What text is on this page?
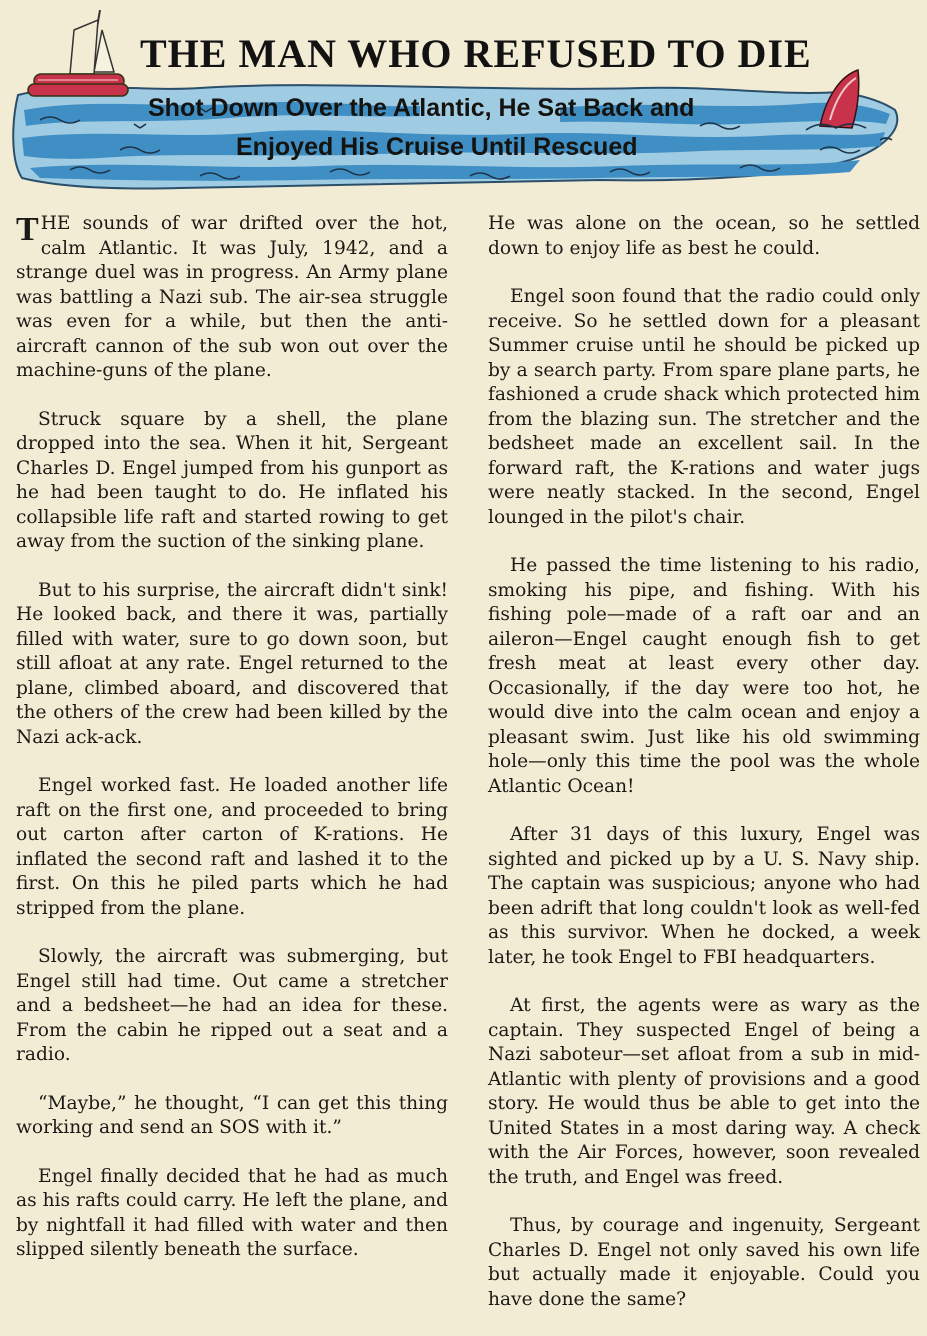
THE MAN WHO REFUSED TO DIE
Shot Down Over the Atlantic, He Sat Back and
Enjoyed His Cruise Until Rescued

THE sounds of war drifted over the hot, calm Atlantic. It was July, 1942, and a strange duel was in progress. An Army plane was battling a Nazi sub. The air-sea struggle was even for a while, but then the anti-aircraft cannon of the sub won out over the machine-guns of the plane.

Struck square by a shell, the plane dropped into the sea. When it hit, Sergeant Charles D. Engel jumped from his gunport as he had been taught to do. He inflated his collapsible life raft and started rowing to get away from the suction of the sinking plane.

But to his surprise, the aircraft didn't sink! He looked back, and there it was, partially filled with water, sure to go down soon, but still afloat at any rate. Engel returned to the plane, climbed aboard, and discovered that the others of the crew had been killed by the Nazi ack-ack.

Engel worked fast. He loaded another life raft on the first one, and proceeded to bring out carton after carton of K-rations. He inflated the second raft and lashed it to the first. On this he piled parts which he had stripped from the plane.

Slowly, the aircraft was submerging, but Engel still had time. Out came a stretcher and a bedsheet—he had an idea for these. From the cabin he ripped out a seat and a radio.

“Maybe,” he thought, “I can get this thing working and send an SOS with it.”

Engel finally decided that he had as much as his rafts could carry. He left the plane, and by nightfall it had filled with water and then slipped silently beneath the surface.

He was alone on the ocean, so he settled down to enjoy life as best he could.

Engel soon found that the radio could only receive. So he settled down for a pleasant Summer cruise until he should be picked up by a search party. From spare plane parts, he fashioned a crude shack which protected him from the blazing sun. The stretcher and the bedsheet made an excellent sail. In the forward raft, the K-rations and water jugs were neatly stacked. In the second, Engel lounged in the pilot's chair.

He passed the time listening to his radio, smoking his pipe, and fishing. With his fishing pole—made of a raft oar and an aileron—Engel caught enough fish to get fresh meat at least every other day. Occasionally, if the day were too hot, he would dive into the calm ocean and enjoy a pleasant swim. Just like his old swimming hole—only this time the pool was the whole Atlantic Ocean!

After 31 days of this luxury, Engel was sighted and picked up by a U. S. Navy ship. The captain was suspicious; anyone who had been adrift that long couldn't look as well-fed as this survivor. When he docked, a week later, he took Engel to FBI headquarters.

At first, the agents were as wary as the captain. They suspected Engel of being a Nazi saboteur—set afloat from a sub in mid-Atlantic with plenty of provisions and a good story. He would thus be able to get into the United States in a most daring way. A check with the Air Forces, however, soon revealed the truth, and Engel was freed.

Thus, by courage and ingenuity, Sergeant Charles D. Engel not only saved his own life but actually made it enjoyable. Could you have done the same?
